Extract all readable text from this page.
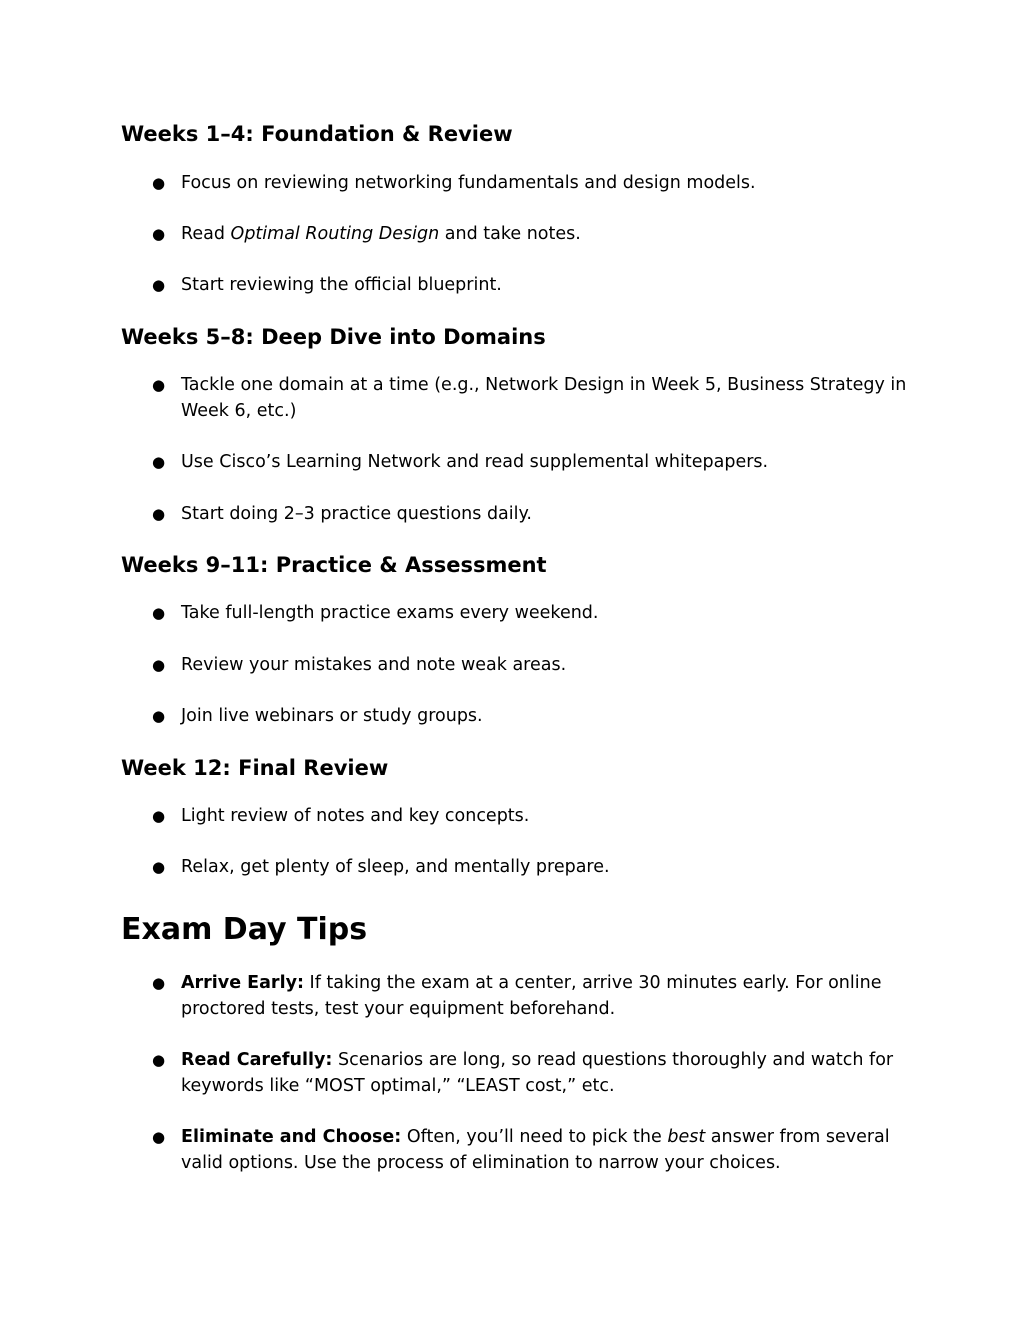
Weeks 1–4: Foundation & Review
● Focus on reviewing networking fundamentals and design models.
● Read Optimal Routing Design and take notes.
● Start reviewing the official blueprint.
Weeks 5–8: Deep Dive into Domains
● Tackle one domain at a time (e.g., Network Design in Week 5, Business Strategy in Week 6, etc.)
● Use Cisco’s Learning Network and read supplemental whitepapers.
● Start doing 2–3 practice questions daily.
Weeks 9–11: Practice & Assessment
● Take full-length practice exams every weekend.
● Review your mistakes and note weak areas.
● Join live webinars or study groups.
Week 12: Final Review
● Light review of notes and key concepts.
● Relax, get plenty of sleep, and mentally prepare.
Exam Day Tips
● Arrive Early: If taking the exam at a center, arrive 30 minutes early. For online proctored tests, test your equipment beforehand.
● Read Carefully: Scenarios are long, so read questions thoroughly and watch for keywords like “MOST optimal,” “LEAST cost,” etc.
● Eliminate and Choose: Often, you’ll need to pick the best answer from several valid options. Use the process of elimination to narrow your choices.
